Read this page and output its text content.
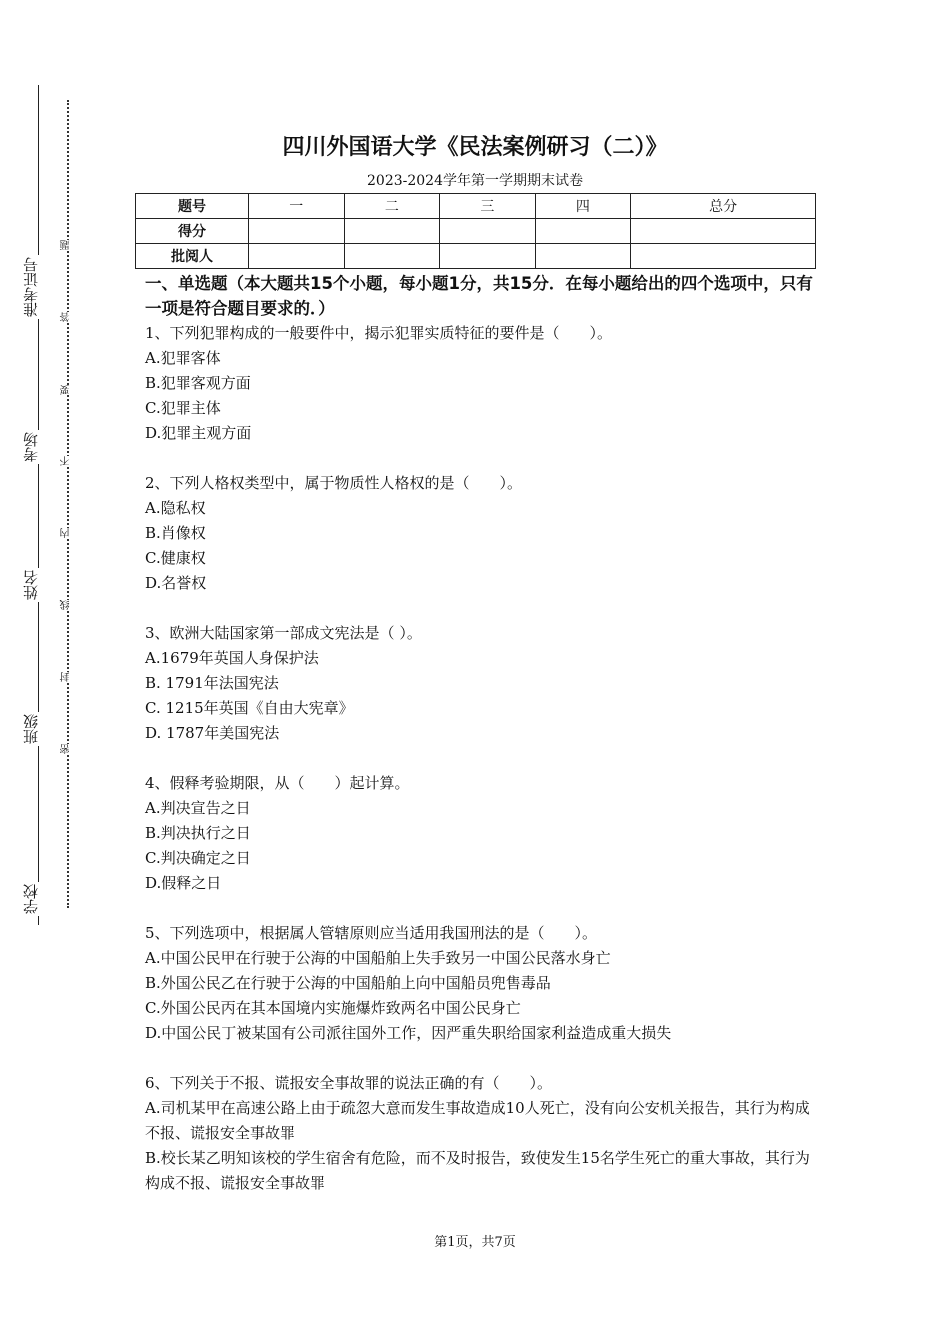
准考证号
考场
姓名
班级
学校
题
答
要
不
内
线
封
密
四川外国语大学《民法案例研习（二）》
2023-2024学年第一学期期末试卷
题号	一	二	三	四	总分
得分					
批阅人					
一、单选题（本大题共15个小题，每小题1分，共15分．在每小题给出的四个选项中，只有一项是符合题目要求的．）
1、下列犯罪构成的一般要件中，揭示犯罪实质特征的要件是（　　）。
A.犯罪客体
B.犯罪客观方面
C.犯罪主体
D.犯罪主观方面
2、下列人格权类型中，属于物质性人格权的是（　　）。
A.隐私权
B.肖像权
C.健康权
D.名誉权
3、欧洲大陆国家第一部成文宪法是（ ）。
A.1679年英国人身保护法
B. 1791年法国宪法
C. 1215年英国《自由大宪章》
D. 1787年美国宪法
4、假释考验期限，从（　　）起计算。
A.判决宣告之日
B.判决执行之日
C.判决确定之日
D.假释之日
5、下列选项中，根据属人管辖原则应当适用我国刑法的是（　　）。
A.中国公民甲在行驶于公海的中国船舶上失手致另一中国公民落水身亡
B.外国公民乙在行驶于公海的中国船舶上向中国船员兜售毒品
C.外国公民丙在其本国境内实施爆炸致两名中国公民身亡
D.中国公民丁被某国有公司派往国外工作，因严重失职给国家利益造成重大损失
6、下列关于不报、谎报安全事故罪的说法正确的有（　　）。
A.司机某甲在高速公路上由于疏忽大意而发生事故造成10人死亡，没有向公安机关报告，其行为构成不报、谎报安全事故罪
B.校长某乙明知该校的学生宿舍有危险，而不及时报告，致使发生15名学生死亡的重大事故，其行为构成不报、谎报安全事故罪
第1页，共7页
